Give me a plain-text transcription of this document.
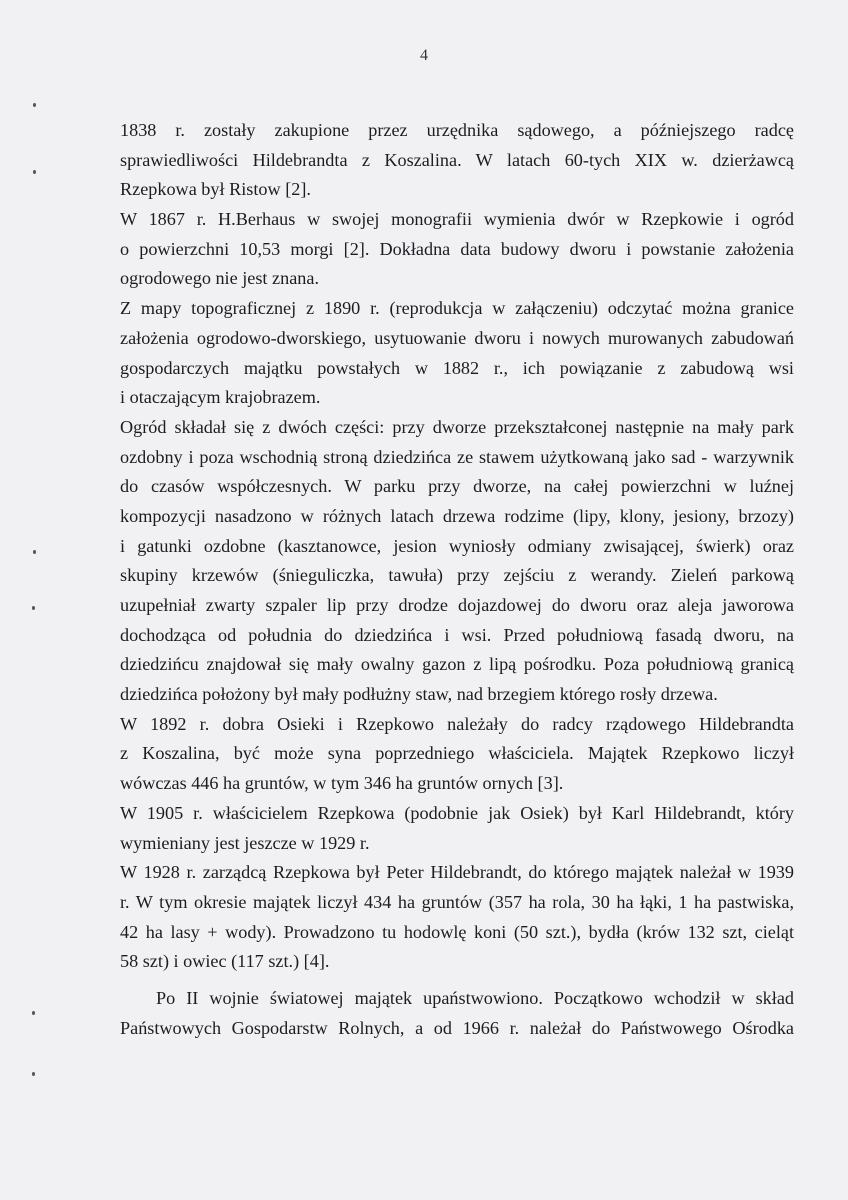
4
1838 r. zostały zakupione przez urzędnika sądowego, a późniejszego radcę
sprawiedliwości Hildebrandta z Koszalina. W latach 60-tych XIX w. dzierżawcą
Rzepkowa był Ristow [2].
W 1867 r. H.Berhaus w swojej monografii wymienia dwór w Rzepkowie i ogród
o powierzchni 10,53 morgi [2]. Dokładna data budowy dworu i powstanie założenia
ogrodowego nie jest znana.
Z mapy topograficznej z 1890 r. (reprodukcja w załączeniu) odczytać można granice
założenia ogrodowo-dworskiego, usytuowanie dworu i nowych murowanych zabudowań
gospodarczych majątku powstałych w 1882 r., ich powiązanie z zabudową wsi
i otaczającym krajobrazem.
Ogród składał się z dwóch części: przy dworze przekształconej następnie na mały park
ozdobny i poza wschodnią stroną dziedzińca ze stawem użytkowaną jako sad - warzywnik
do czasów współczesnych. W parku przy dworze, na całej powierzchni w luźnej
kompozycji nasadzono w różnych latach drzewa rodzime (lipy, klony, jesiony, brzozy)
i gatunki ozdobne (kasztanowce, jesion wyniosły odmiany zwisającej, świerk) oraz
skupiny krzewów (śnieguliczka, tawuła) przy zejściu z werandy. Zieleń parkową
uzupełniał zwarty szpaler lip przy drodze dojazdowej do dworu oraz aleja jaworowa
dochodząca od południa do dziedzińca i wsi. Przed południową fasadą dworu, na
dziedzińcu znajdował się mały owalny gazon z lipą pośrodku. Poza południową granicą
dziedzińca położony był mały podłużny staw, nad brzegiem którego rosły drzewa.
W 1892 r. dobra Osieki i Rzepkowo należały do radcy rządowego Hildebrandta
z Koszalina, być może syna poprzedniego właściciela. Majątek Rzepkowo liczył
wówczas 446 ha gruntów, w tym 346 ha gruntów ornych [3].
W 1905 r. właścicielem Rzepkowa (podobnie jak Osiek) był Karl Hildebrandt, który
wymieniany jest jeszcze w 1929 r.
W 1928 r. zarządcą Rzepkowa był Peter Hildebrandt, do którego majątek należał w 1939
r. W tym okresie majątek liczył 434 ha gruntów (357 ha rola, 30 ha łąki, 1 ha pastwiska,
42 ha lasy + wody). Prowadzono tu hodowlę koni (50 szt.), bydła (krów 132 szt, cieląt
58 szt) i owiec (117 szt.) [4].
Po II wojnie światowej majątek upaństwowiono. Początkowo wchodził w skład
Państwowych Gospodarstw Rolnych, a od 1966 r. należał do Państwowego Ośrodka
